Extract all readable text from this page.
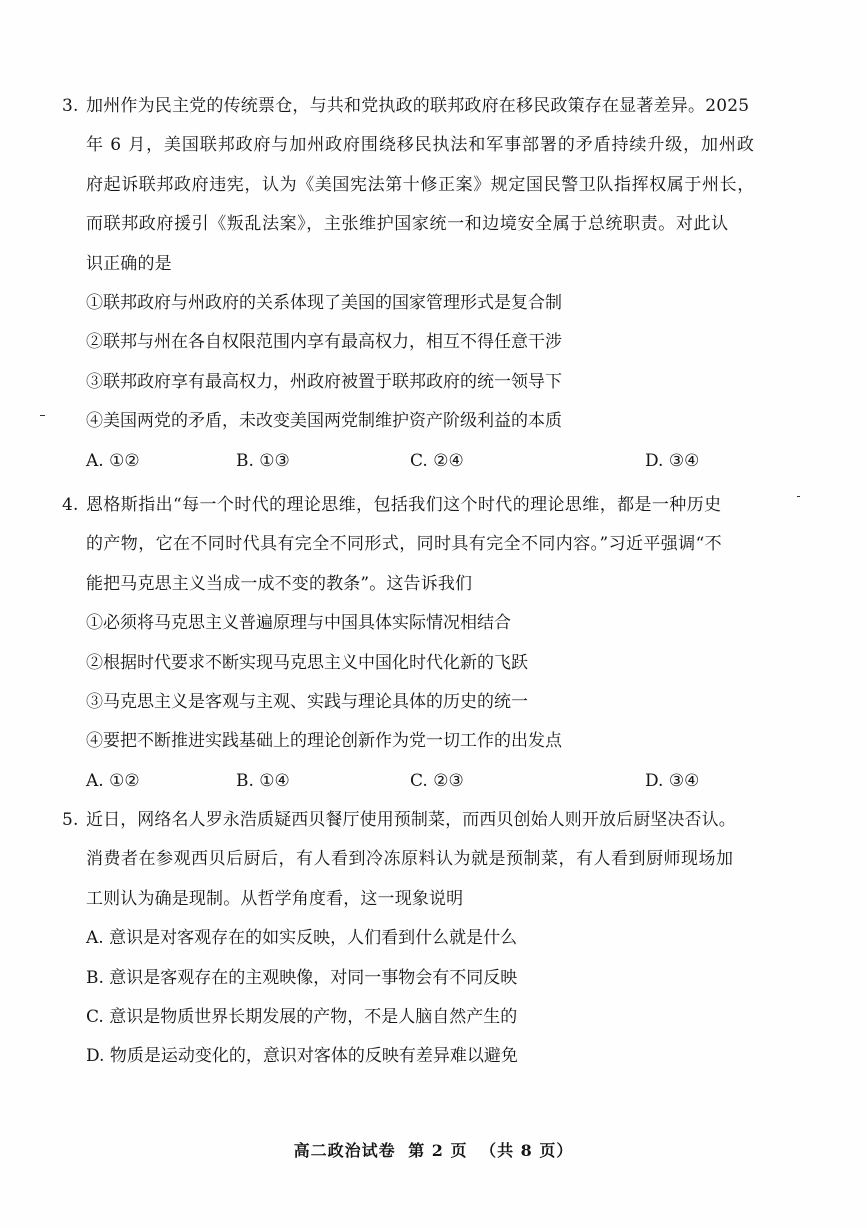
3. 加州作为民主党的传统票仓，与共和党执政的联邦政府在移民政策存在显著差异。2025
年 6 月，美国联邦政府与加州政府围绕移民执法和军事部署的矛盾持续升级，加州政
府起诉联邦政府违宪，认为《美国宪法第十修正案》规定国民警卫队指挥权属于州长，
而联邦政府援引《叛乱法案》，主张维护国家统一和边境安全属于总统职责。对此认
识正确的是
①联邦政府与州政府的关系体现了美国的国家管理形式是复合制
②联邦与州在各自权限范围内享有最高权力，相互不得任意干涉
③联邦政府享有最高权力，州政府被置于联邦政府的统一领导下
④美国两党的矛盾，未改变美国两党制维护资产阶级利益的本质
A. ①②	B. ①③	C. ②④	D. ③④
4. 恩格斯指出“每一个时代的理论思维，包括我们这个时代的理论思维，都是一种历史
的产物，它在不同时代具有完全不同形式，同时具有完全不同内容。”习近平强调“不
能把马克思主义当成一成不变的教条”。这告诉我们
①必须将马克思主义普遍原理与中国具体实际情况相结合
②根据时代要求不断实现马克思主义中国化时代化新的飞跃
③马克思主义是客观与主观、实践与理论具体的历史的统一
④要把不断推进实践基础上的理论创新作为党一切工作的出发点
A. ①②	B. ①④	C. ②③	D. ③④
5. 近日，网络名人罗永浩质疑西贝餐厅使用预制菜，而西贝创始人则开放后厨坚决否认。
消费者在参观西贝后厨后，有人看到冷冻原料认为就是预制菜，有人看到厨师现场加
工则认为确是现制。从哲学角度看，这一现象说明
A. 意识是对客观存在的如实反映，人们看到什么就是什么
B. 意识是客观存在的主观映像，对同一事物会有不同反映
C. 意识是物质世界长期发展的产物，不是人脑自然产生的
D. 物质是运动变化的，意识对客体的反映有差异难以避免
高二政治试卷 第 2 页 （共 8 页）
